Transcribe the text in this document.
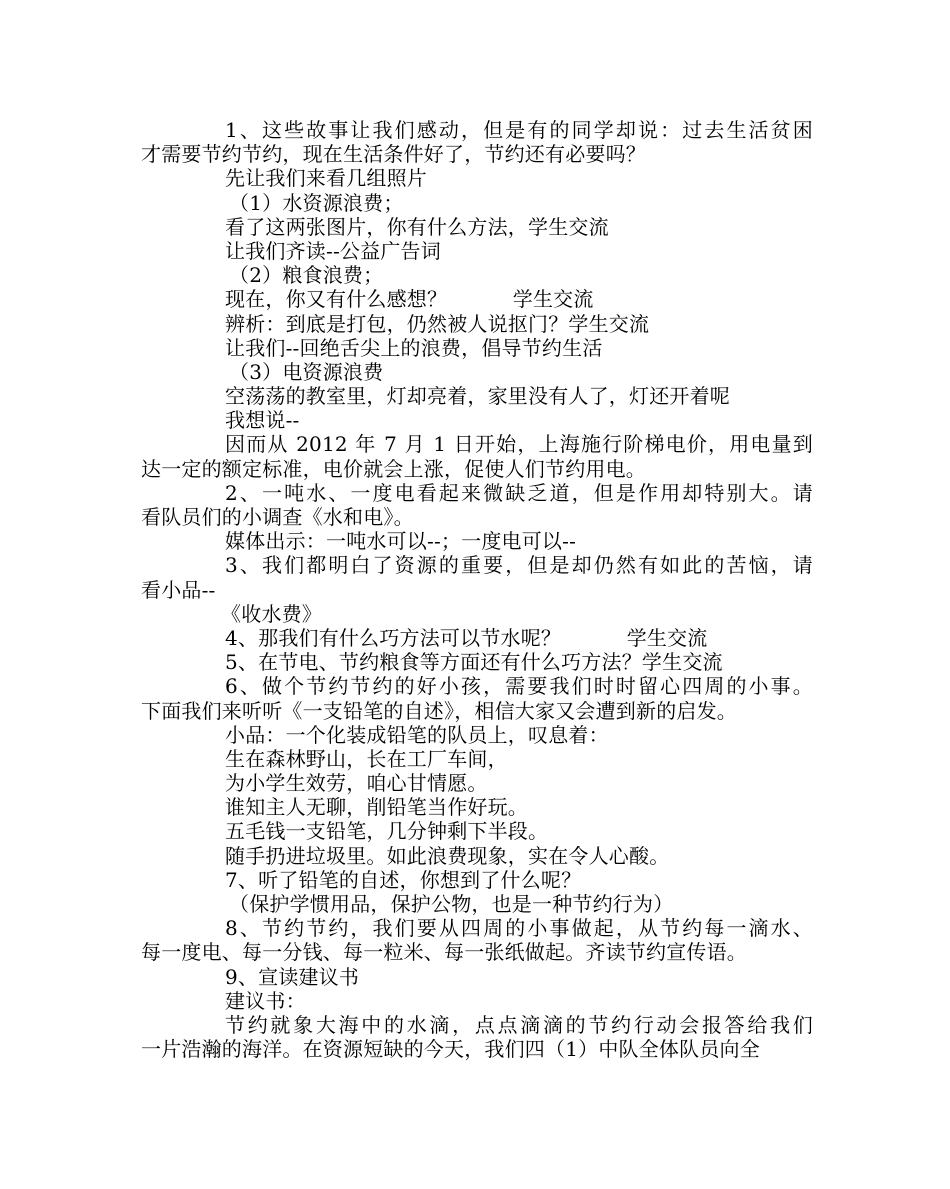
1、这些故事让我们感动，但是有的同学却说：过去生活贫困
才需要节约节约，现在生活条件好了，节约还有必要吗？
先让我们来看几组照片
（1）水资源浪费；
看了这两张图片，你有什么方法，学生交流
让我们齐读--公益广告词
（2）粮食浪费；
现在，你又有什么感想？          学生交流
辨析：到底是打包，仍然被人说抠门？学生交流
让我们--回绝舌尖上的浪费，倡导节约生活
（3）电资源浪费
空荡荡的教室里，灯却亮着，家里没有人了，灯还开着呢
我想说--
因而从 2012 年 7 月 1 日开始，上海施行阶梯电价，用电量到
达一定的额定标准，电价就会上涨，促使人们节约用电。
2、一吨水、一度电看起来微缺乏道，但是作用却特别大。请
看队员们的小调查《水和电》。
媒体出示：一吨水可以--；一度电可以--
3、我们都明白了资源的重要，但是却仍然有如此的苦恼，请
看小品--
《收水费》
4、那我们有什么巧方法可以节水呢？          学生交流
5、在节电、节约粮食等方面还有什么巧方法？学生交流
6、做个节约节约的好小孩，需要我们时时留心四周的小事。
下面我们来听听《一支铅笔的自述》，相信大家又会遭到新的启发。
小品：一个化装成铅笔的队员上，叹息着：
生在森林野山，长在工厂车间，
为小学生效劳，咱心甘情愿。
谁知主人无聊，削铅笔当作好玩。
五毛钱一支铅笔，几分钟剩下半段。
随手扔进垃圾里。如此浪费现象，实在令人心酸。
7、听了铅笔的自述，你想到了什么呢？
（保护学惯用品，保护公物，也是一种节约行为）
8、节约节约，我们要从四周的小事做起，从节约每一滴水、
每一度电、每一分钱、每一粒米、每一张纸做起。齐读节约宣传语。
9、宣读建议书
建议书：
节约就象大海中的水滴，点点滴滴的节约行动会报答给我们
一片浩瀚的海洋。在资源短缺的今天，我们四（1）中队全体队员向全
